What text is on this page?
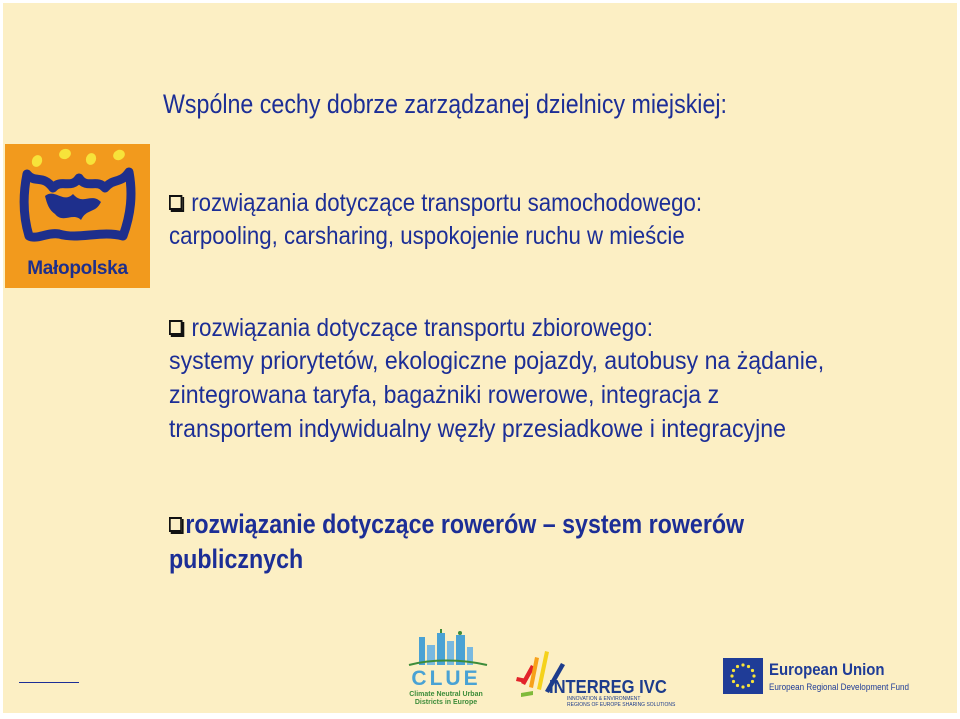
Wspólne cechy dobrze zarządzanej dzielnicy miejskiej:
Małopolska
rozwiązania dotyczące transportu samochodowego:
carpooling, carsharing, uspokojenie ruchu w mieście
rozwiązania dotyczące transportu zbiorowego:
systemy priorytetów, ekologiczne pojazdy, autobusy na żądanie,
zintegrowana taryfa, bagażniki rowerowe, integracja z
transportem indywidualny węzły przesiadkowe i integracyjne
rozwiązanie dotyczące rowerów – system rowerów
publicznych
CLUE
Climate Neutral Urban
Districts in Europe
INTERREG IVC
INNOVATION & ENVIRONMENT
REGIONS OF EUROPE SHARING SOLUTIONS
European Union
European Regional Development Fund
